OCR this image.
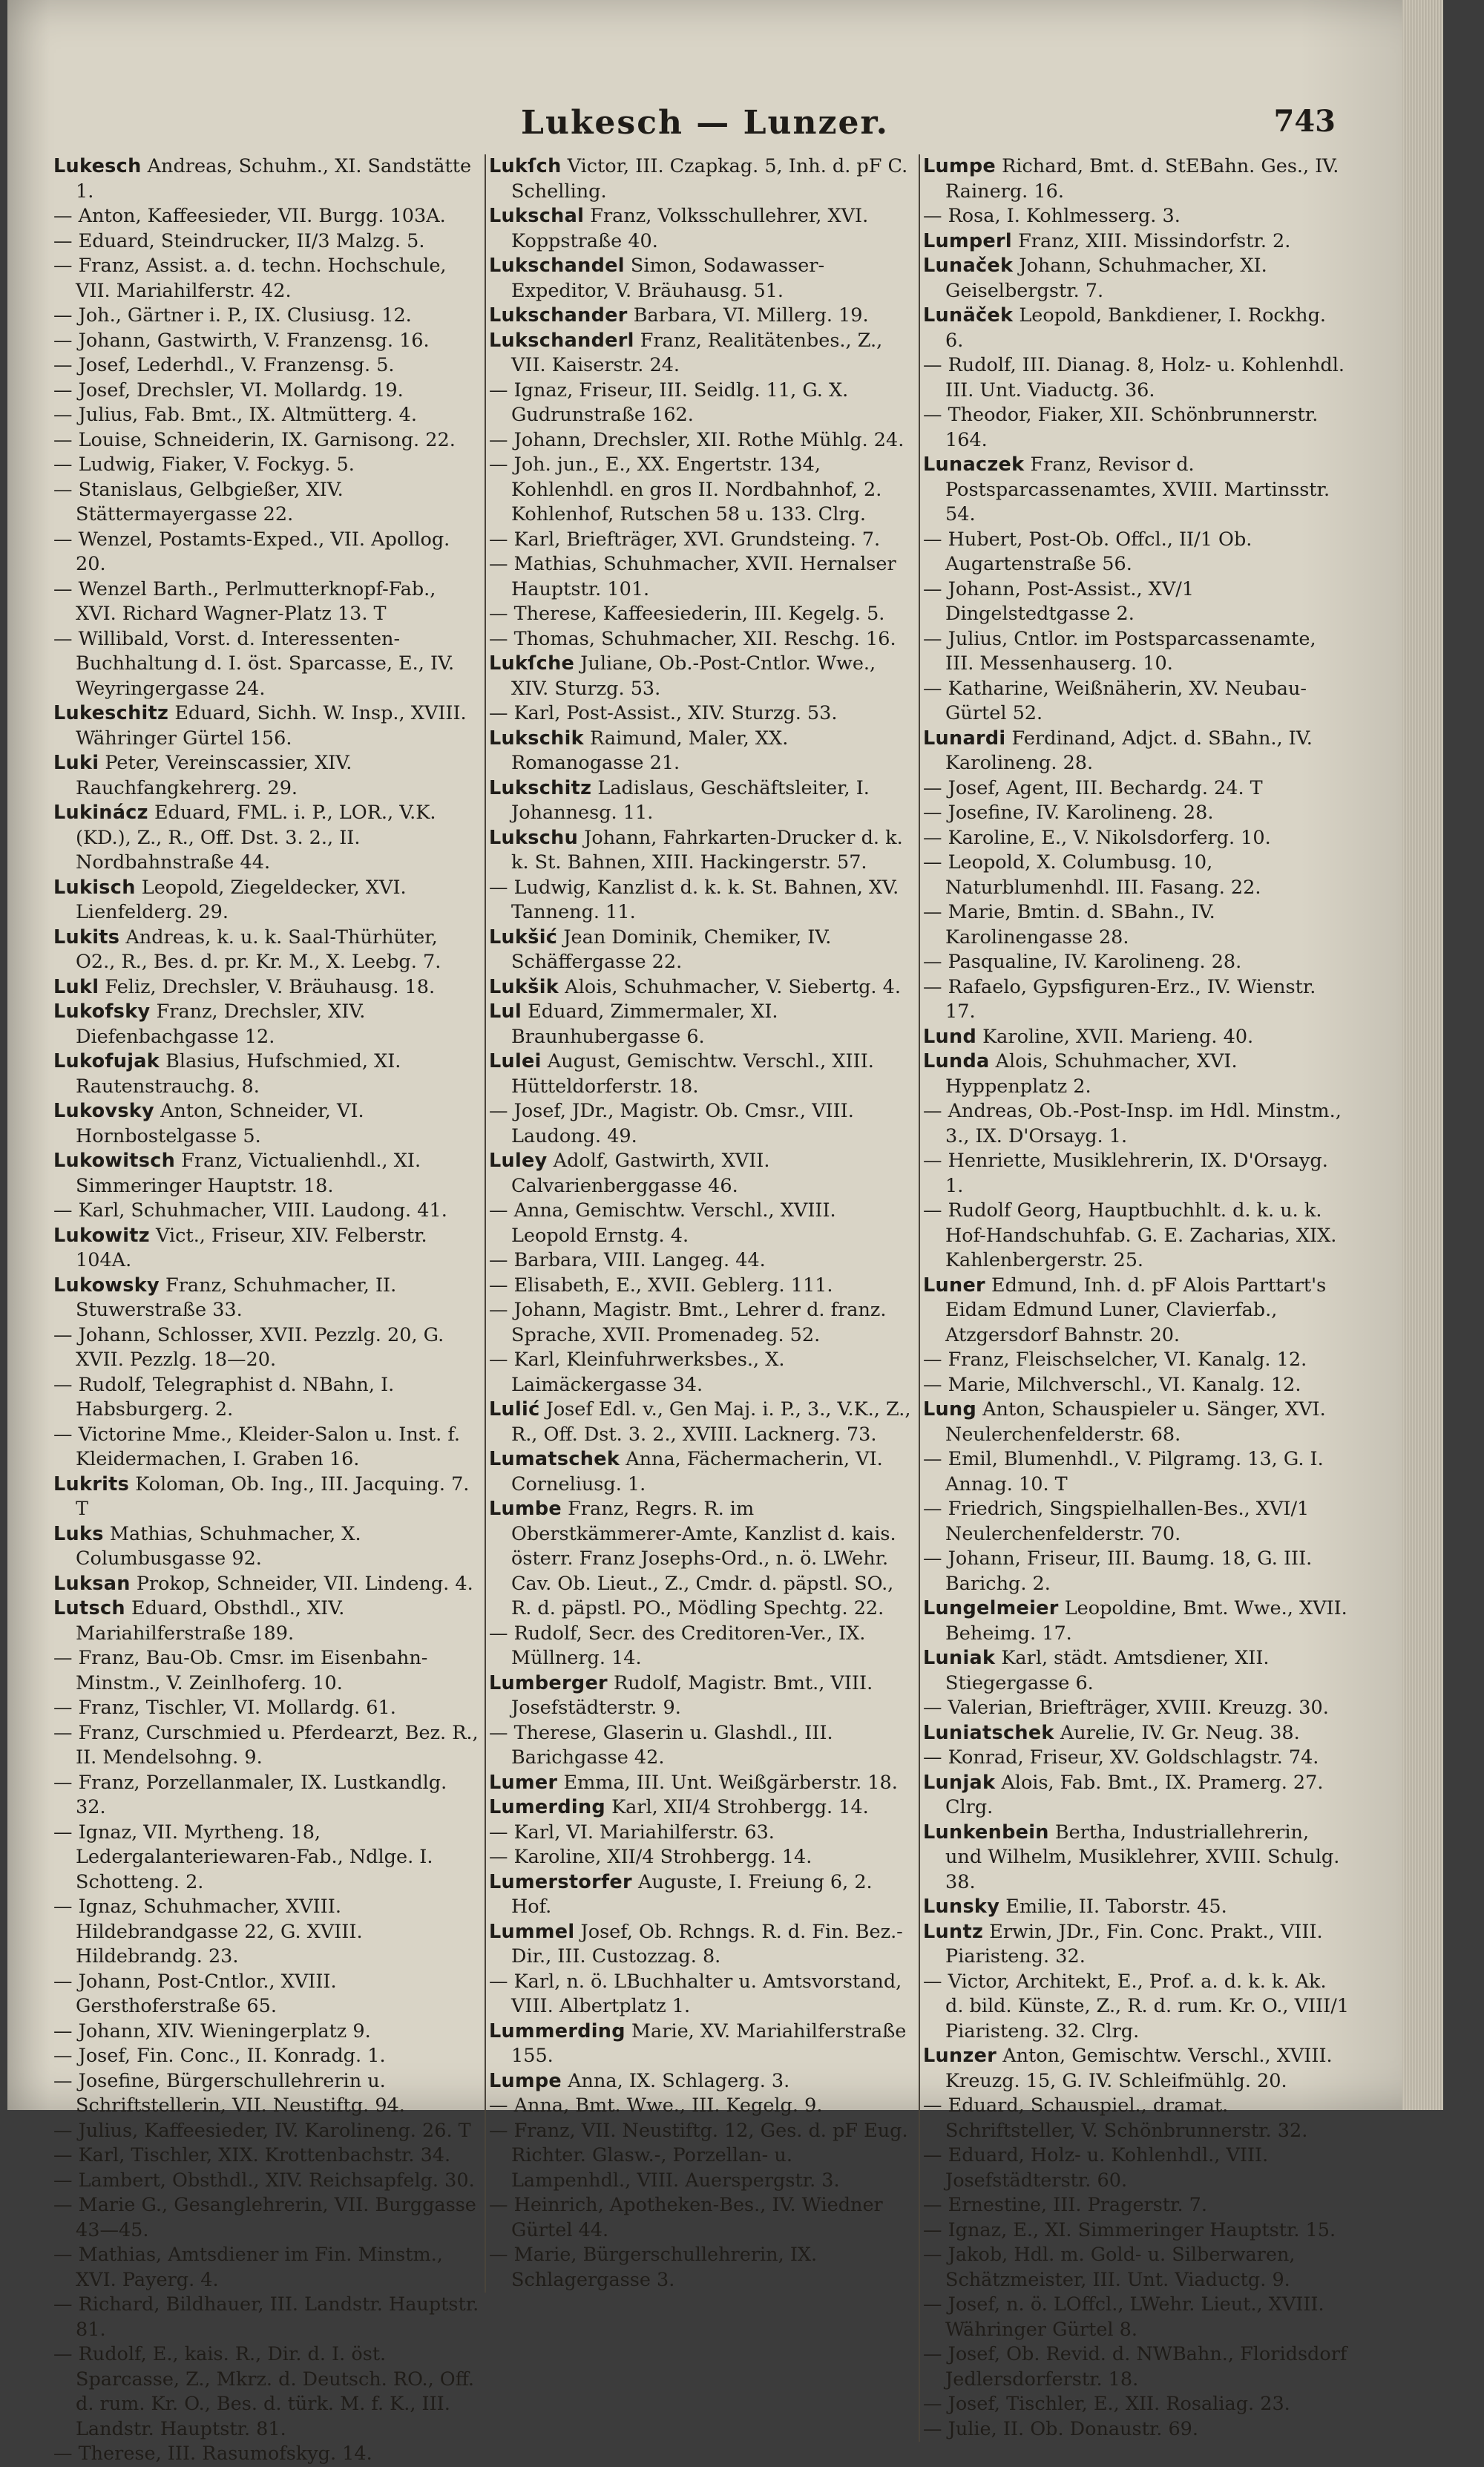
Lukesch — Lunzer.	743
Lukesch Andreas, Schuhm., XI. Sandstätte 1.
— Anton, Kaffeesieder, VII. Burgg. 103A.
— Eduard, Steindrucker, II/3 Malzg. 5.
— Franz, Assist. a. d. techn. Hochschule, VII. Mariahilferstr. 42.
— Joh., Gärtner i. P., IX. Clusiusg. 12.
— Johann, Gastwirth, V. Franzensg. 16.
— Josef, Lederhdl., V. Franzensg. 5.
— Josef, Drechsler, VI. Mollardg. 19.
— Julius, Fab. Bmt., IX. Altmütterg. 4.
— Louise, Schneiderin, IX. Garnisong. 22.
— Ludwig, Fiaker, V. Fockyg. 5.
— Stanislaus, Gelbgießer, XIV. Stättermayergasse 22.
— Wenzel, Postamts-Exped., VII. Apollog. 20.
— Wenzel Barth., Perlmutterknopf-Fab., XVI. Richard Wagner-Platz 13. T
— Willibald, Vorst. d. Interessenten-Buchhaltung d. I. öst. Sparcasse, E., IV. Weyringergasse 24.
Lukeschitz Eduard, Sichh. W. Insp., XVIII. Währinger Gürtel 156.
Luki Peter, Vereinscassier, XIV. Rauchfangkehrerg. 29.
Lukinácz Eduard, FML. i. P., LOR., V.K. (KD.), Z., R., Off. Dst. 3. 2., II. Nordbahnstraße 44.
Lukisch Leopold, Ziegeldecker, XVI. Lienfelderg. 29.
Lukits Andreas, k. u. k. Saal-Thürhüter, O2., R., Bes. d. pr. Kr. M., X. Leebg. 7.
Lukl Feliz, Drechsler, V. Bräuhausg. 18.
Lukofsky Franz, Drechsler, XIV. Diefenbachgasse 12.
Lukofujak Blasius, Hufschmied, XI. Rautenstrauchg. 8.
Lukovsky Anton, Schneider, VI. Hornbostelgasse 5.
Lukowitsch Franz, Victualienhdl., XI. Simmeringer Hauptstr. 18.
— Karl, Schuhmacher, VIII. Laudong. 41.
Lukowitz Vict., Friseur, XIV. Felberstr. 104A.
Lukowsky Franz, Schuhmacher, II. Stuwerstraße 33.
— Johann, Schlosser, XVII. Pezzlg. 20, G. XVII. Pezzlg. 18—20.
— Rudolf, Telegraphist d. NBahn, I. Habsburgerg. 2.
— Victorine Mme., Kleider-Salon u. Inst. f. Kleidermachen, I. Graben 16.
Lukrits Koloman, Ob. Ing., III. Jacquing. 7. T
Luks Mathias, Schuhmacher, X. Columbusgasse 92.
Luksan Prokop, Schneider, VII. Lindeng. 4.
Lutsch Eduard, Obsthdl., XIV. Mariahilferstraße 189.
— Franz, Bau-Ob. Cmsr. im Eisenbahn-Minstm., V. Zeinlhoferg. 10.
— Franz, Tischler, VI. Mollardg. 61.
— Franz, Curschmied u. Pferdearzt, Bez. R., II. Mendelsohng. 9.
— Franz, Porzellanmaler, IX. Lustkandlg. 32.
— Ignaz, VII. Myrtheng. 18, Ledergalanteriewaren-Fab., Ndlge. I. Schotteng. 2.
— Ignaz, Schuhmacher, XVIII. Hildebrandgasse 22, G. XVIII. Hildebrandg. 23.
— Johann, Post-Cntlor., XVIII. Gersthoferstraße 65.
— Johann, XIV. Wieningerplatz 9.
— Josef, Fin. Conc., II. Konradg. 1.
— Josefine, Bürgerschullehrerin u. Schriftstellerin, VII. Neustiftg. 94.
— Julius, Kaffeesieder, IV. Karolineng. 26. T
— Karl, Tischler, XIX. Krottenbachstr. 34.
— Lambert, Obsthdl., XIV. Reichsapfelg. 30.
— Marie G., Gesanglehrerin, VII. Burggasse 43—45.
— Mathias, Amtsdiener im Fin. Minstm., XVI. Payerg. 4.
— Richard, Bildhauer, III. Landstr. Hauptstr. 81.
— Rudolf, E., kais. R., Dir. d. I. öst. Sparcasse, Z., Mkrz. d. Deutsch. RO., Off. d. rum. Kr. O., Bes. d. türk. M. f. K., III. Landstr. Hauptstr. 81.
— Therese, III. Rasumofskyg. 14.
Lukſch Victor, III. Czapkag. 5, Inh. d. pF C. Schelling.
Lukschal Franz, Volksschullehrer, XVI. Koppstraße 40.
Lukschandel Simon, Sodawasser-Expeditor, V. Bräuhausg. 51.
Lukschander Barbara, VI. Millerg. 19.
Lukschanderl Franz, Realitätenbes., Z., VII. Kaiserstr. 24.
— Ignaz, Friseur, III. Seidlg. 11, G. X. Gudrunstraße 162.
— Johann, Drechsler, XII. Rothe Mühlg. 24.
— Joh. jun., E., XX. Engertstr. 134, Kohlenhdl. en gros II. Nordbahnhof, 2. Kohlenhof, Rutschen 58 u. 133. Clrg.
— Karl, Briefträger, XVI. Grundsteing. 7.
— Mathias, Schuhmacher, XVII. Hernalser Hauptstr. 101.
— Therese, Kaffeesiederin, III. Kegelg. 5.
— Thomas, Schuhmacher, XII. Reschg. 16.
Lukſche Juliane, Ob.-Post-Cntlor. Wwe., XIV. Sturzg. 53.
— Karl, Post-Assist., XIV. Sturzg. 53.
Lukschik Raimund, Maler, XX. Romanogasse 21.
Lukschitz Ladislaus, Geschäftsleiter, I. Johannesg. 11.
Lukschu Johann, Fahrkarten-Drucker d. k. k. St. Bahnen, XIII. Hackingerstr. 57.
— Ludwig, Kanzlist d. k. k. St. Bahnen, XV. Tanneng. 11.
Lukšić Jean Dominik, Chemiker, IV. Schäffergasse 22.
Lukšik Alois, Schuhmacher, V. Siebertg. 4.
Lul Eduard, Zimmermaler, XI. Braunhubergasse 6.
Lulei August, Gemischtw. Verschl., XIII. Hütteldorferstr. 18.
— Josef, JDr., Magistr. Ob. Cmsr., VIII. Laudong. 49.
Luley Adolf, Gastwirth, XVII. Calvarienberggasse 46.
— Anna, Gemischtw. Verschl., XVIII. Leopold Ernstg. 4.
— Barbara, VIII. Langeg. 44.
— Elisabeth, E., XVII. Geblerg. 111.
— Johann, Magistr. Bmt., Lehrer d. franz. Sprache, XVII. Promenadeg. 52.
— Karl, Kleinfuhrwerksbes., X. Laimäckergasse 34.
Lulić Josef Edl. v., Gen Maj. i. P., 3., V.K., Z., R., Off. Dst. 3. 2., XVIII. Lacknerg. 73.
Lumatschek Anna, Fächermacherin, VI. Corneliusg. 1.
Lumbe Franz, Regrs. R. im Oberstkämmerer-Amte, Kanzlist d. kais. österr. Franz Josephs-Ord., n. ö. LWehr. Cav. Ob. Lieut., Z., Cmdr. d. päpstl. SO., R. d. päpstl. PO., Mödling Spechtg. 22.
— Rudolf, Secr. des Creditoren-Ver., IX. Müllnerg. 14.
Lumberger Rudolf, Magistr. Bmt., VIII. Josefstädterstr. 9.
— Therese, Glaserin u. Glashdl., III. Barichgasse 42.
Lumer Emma, III. Unt. Weißgärberstr. 18.
Lumerding Karl, XII/4 Strohbergg. 14.
— Karl, VI. Mariahilferstr. 63.
— Karoline, XII/4 Strohbergg. 14.
Lumerstorfer Auguste, I. Freiung 6, 2. Hof.
Lummel Josef, Ob. Rchngs. R. d. Fin. Bez.-Dir., III. Custozzag. 8.
— Karl, n. ö. LBuchhalter u. Amtsvorstand, VIII. Albertplatz 1.
Lummerding Marie, XV. Mariahilferstraße 155.
Lumpe Anna, IX. Schlagerg. 3.
— Anna, Bmt. Wwe., III. Kegelg. 9.
— Franz, VII. Neustiftg. 12, Ges. d. pF Eug. Richter. Glasw.-, Porzellan- u. Lampenhdl., VIII. Auerspergstr. 3.
— Heinrich, Apotheken-Bes., IV. Wiedner Gürtel 44.
— Marie, Bürgerschullehrerin, IX. Schlagergasse 3.
Lumpe Richard, Bmt. d. StEBahn. Ges., IV. Rainerg. 16.
— Rosa, I. Kohlmesserg. 3.
Lumperl Franz, XIII. Missindorfstr. 2.
Lunaček Johann, Schuhmacher, XI. Geiselbergstr. 7.
Lunäček Leopold, Bankdiener, I. Rockhg. 6.
— Rudolf, III. Dianag. 8, Holz- u. Kohlenhdl. III. Unt. Viaductg. 36.
— Theodor, Fiaker, XII. Schönbrunnerstr. 164.
Lunaczek Franz, Revisor d. Postsparcassenamtes, XVIII. Martinsstr. 54.
— Hubert, Post-Ob. Offcl., II/1 Ob. Augartenstraße 56.
— Johann, Post-Assist., XV/1 Dingelstedtgasse 2.
— Julius, Cntlor. im Postsparcassenamte, III. Messenhauserg. 10.
— Katharine, Weißnäherin, XV. Neubau-Gürtel 52.
Lunardi Ferdinand, Adjct. d. SBahn., IV. Karolineng. 28.
— Josef, Agent, III. Bechardg. 24. T
— Josefine, IV. Karolineng. 28.
— Karoline, E., V. Nikolsdorferg. 10.
— Leopold, X. Columbusg. 10, Naturblumenhdl. III. Fasang. 22.
— Marie, Bmtin. d. SBahn., IV. Karolinengasse 28.
— Pasqualine, IV. Karolineng. 28.
— Rafaelo, Gypsfiguren-Erz., IV. Wienstr. 17.
Lund Karoline, XVII. Marieng. 40.
Lunda Alois, Schuhmacher, XVI. Hyppenplatz 2.
— Andreas, Ob.-Post-Insp. im Hdl. Minstm., 3., IX. D'Orsayg. 1.
— Henriette, Musiklehrerin, IX. D'Orsayg. 1.
— Rudolf Georg, Hauptbuchhlt. d. k. u. k. Hof-Handschuhfab. G. E. Zacharias, XIX. Kahlenbergerstr. 25.
Luner Edmund, Inh. d. pF Alois Parttart's Eidam Edmund Luner, Clavierfab., Atzgersdorf Bahnstr. 20.
— Franz, Fleischselcher, VI. Kanalg. 12.
— Marie, Milchverschl., VI. Kanalg. 12.
Lung Anton, Schauspieler u. Sänger, XVI. Neulerchenfelderstr. 68.
— Emil, Blumenhdl., V. Pilgramg. 13, G. I. Annag. 10. T
— Friedrich, Singspielhallen-Bes., XVI/1 Neulerchenfelderstr. 70.
— Johann, Friseur, III. Baumg. 18, G. III. Barichg. 2.
Lungelmeier Leopoldine, Bmt. Wwe., XVII. Beheimg. 17.
Luniak Karl, städt. Amtsdiener, XII. Stiegergasse 6.
— Valerian, Briefträger, XVIII. Kreuzg. 30.
Luniatschek Aurelie, IV. Gr. Neug. 38.
— Konrad, Friseur, XV. Goldschlagstr. 74.
Lunjak Alois, Fab. Bmt., IX. Pramerg. 27. Clrg.
Lunkenbein Bertha, Industriallehrerin, und Wilhelm, Musiklehrer, XVIII. Schulg. 38.
Lunsky Emilie, II. Taborstr. 45.
Luntz Erwin, JDr., Fin. Conc. Prakt., VIII. Piaristeng. 32.
— Victor, Architekt, E., Prof. a. d. k. k. Ak. d. bild. Künste, Z., R. d. rum. Kr. O., VIII/1 Piaristeng. 32. Clrg.
Lunzer Anton, Gemischtw. Verschl., XVIII. Kreuzg. 15, G. IV. Schleifmühlg. 20.
— Eduard, Schauspiel., dramat. Schriftsteller, V. Schönbrunnerstr. 32.
— Eduard, Holz- u. Kohlenhdl., VIII. Josefstädterstr. 60.
— Ernestine, III. Pragerstr. 7.
— Ignaz, E., XI. Simmeringer Hauptstr. 15.
— Jakob, Hdl. m. Gold- u. Silberwaren, Schätzmeister, III. Unt. Viaductg. 9.
— Josef, n. ö. LOffcl., LWehr. Lieut., XVIII. Währinger Gürtel 8.
— Josef, Ob. Revid. d. NWBahn., Floridsdorf Jedlersdorferstr. 18.
— Josef, Tischler, E., XII. Rosaliag. 23.
— Julie, II. Ob. Donaustr. 69.
